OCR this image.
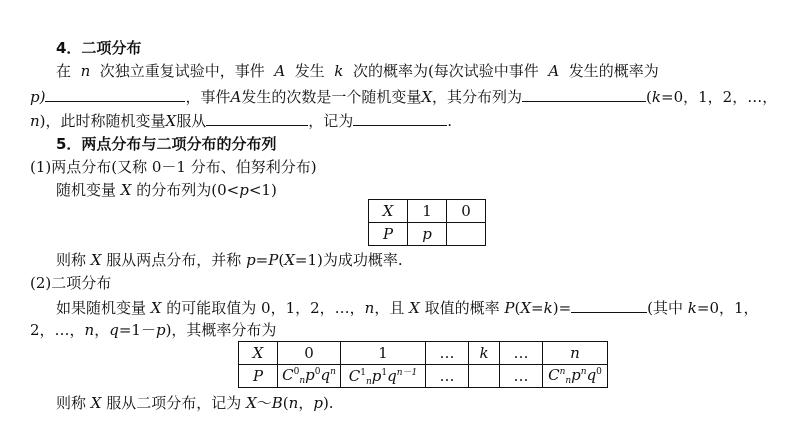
4．二项分布
在 n 次独立重复试验中，事件 A 发生 k 次的概率为(每次试验中事件 A 发生的概率为
p)	，事件A发生的次数是一个随机变量X，其分布列为	(k=0，1，2，…，
n)，此时称随机变量X服从	，记为	.
5．两点分布与二项分布的分布列
(1)两点分布(又称 0－1 分布、伯努利分布)
随机变量 X 的分布列为(0<p<1)
X	1	0
P	p	
则称 X 服从两点分布，并称 p=P(X=1)为成功概率.
(2)二项分布
如果随机变量 X 的可能取值为 0，1，2，…，n，且 X 取值的概率 P(X=k)=	(其中 k=0，1，
2，…，n，q=1－p)，其概率分布为
X	0	1	…	k	…	n
P	$C^0_np^0q^n$	$C^1_np^1q^{n-1}$	…		…	$C^n_np^nq^0$
则称 X 服从二项分布，记为 X～B(n，p).
